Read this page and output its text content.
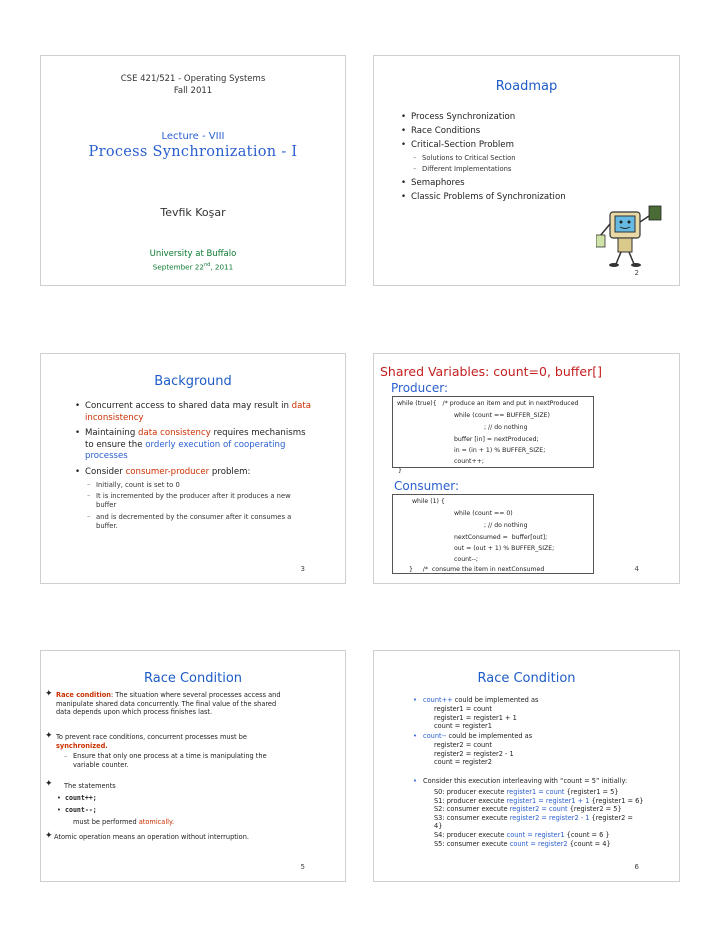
CSE 421/521 - Operating Systems
Fall 2011
Lecture - VIII
Process Synchronization - I
Tevfik Koşar
University at Buffalo
September 22nd, 2011
Roadmap
• Process Synchronization
• Race Conditions
• Critical-Section Problem
– Solutions to Critical Section
– Different Implementations
• Semaphores
• Classic Problems of Synchronization
2
Background
• Concurrent access to shared data may result in data
inconsistency
• Maintaining data consistency requires mechanisms
to ensure the orderly execution of cooperating
processes
• Consider consumer-producer problem:
– Initially, count is set to 0
– It is incremented by the producer after it produces a new
buffer
– and is decremented by the consumer after it consumes a
buffer.
3
Shared Variables: count=0, buffer[]
Producer:
while (true){   /* produce an item and put in nextProduced
while (count == BUFFER_SIZE)
; // do nothing
buffer [in] = nextProduced;
in = (in + 1) % BUFFER_SIZE;
count++;
}
Consumer:
while (1) {
while (count == 0)
; // do nothing
nextConsumed =  buffer[out];
out = (out + 1) % BUFFER_SIZE;
count--;
}     /*  consume the item in nextConsumed	4
Race Condition
✦ Race condition: The situation where several processes access and
manipulate shared data concurrently. The final value of the shared
data depends upon which process finishes last.
✦ To prevent race conditions, concurrent processes must be
synchronized.
– Ensure that only one process at a time is manipulating the
variable counter.
✦ The statements
• count++;
• count--;
must be performed atomically.
✦ Atomic operation means an operation without interruption.
5
Race Condition
• count++ could be implemented as
register1 = count
register1 = register1 + 1
count = register1
• count-- could be implemented as
register2 = count
register2 = register2 - 1
count = register2
• Consider this execution interleaving with “count = 5” initially:
S0: producer execute register1 = count {register1 = 5}
S1: producer execute register1 = register1 + 1 {register1 = 6}
S2: consumer execute register2 = count {register2 = 5}
S3: consumer execute register2 = register2 - 1 {register2 =
4}
S4: producer execute count = register1 {count = 6 }
S5: consumer execute count = register2 {count = 4}
6
